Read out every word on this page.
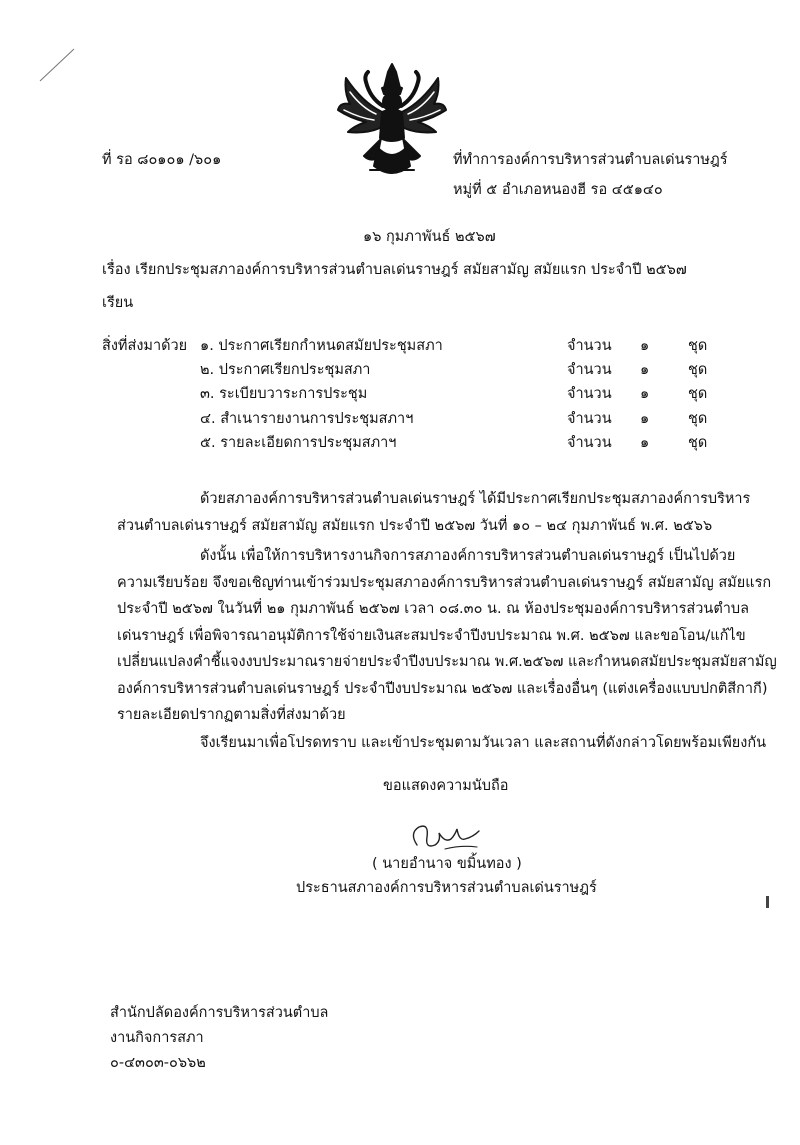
ที่ รอ ๘๐๑๐๑ /๖๐๑	ที่ทำการองค์การบริหารส่วนตำบลเด่นราษฎร์
หมู่ที่ ๕ อำเภอหนองฮี รอ ๔๕๑๔๐
๑๖ กุมภาพันธ์ ๒๕๖๗
เรื่อง เรียกประชุมสภาองค์การบริหารส่วนตำบลเด่นราษฎร์ สมัยสามัญ สมัยแรก ประจำปี ๒๕๖๗
เรียน
สิ่งที่ส่งมาด้วย ๑. ประกาศเรียกกำหนดสมัยประชุมสภา	จำนวน ๑	ชุด
๒. ประกาศเรียกประชุมสภา	จำนวน ๑	ชุด
๓. ระเบียบวาระการประชุม	จำนวน ๑	ชุด
๔. สำเนารายงานการประชุมสภาฯ	จำนวน ๑	ชุด
๕. รายละเอียดการประชุมสภาฯ	จำนวน ๑	ชุด
ด้วยสภาองค์การบริหารส่วนตำบลเด่นราษฎร์ ได้มีประกาศเรียกประชุมสภาองค์การบริหาร
ส่วนตำบลเด่นราษฎร์ สมัยสามัญ สมัยแรก ประจำปี ๒๕๖๗ วันที่ ๑๐ – ๒๔ กุมภาพันธ์ พ.ศ. ๒๕๖๖
ดังนั้น เพื่อให้การบริหารงานกิจการสภาองค์การบริหารส่วนตำบลเด่นราษฎร์ เป็นไปด้วย
ความเรียบร้อย จึงขอเชิญท่านเข้าร่วมประชุมสภาองค์การบริหารส่วนตำบลเด่นราษฎร์ สมัยสามัญ สมัยแรก
ประจำปี ๒๕๖๗ ในวันที่ ๒๑ กุมภาพันธ์ ๒๕๖๗ เวลา ๐๘.๓๐ น. ณ ห้องประชุมองค์การบริหารส่วนตำบล
เด่นราษฎร์ เพื่อพิจารณาอนุมัติการใช้จ่ายเงินสะสมประจำปีงบประมาณ พ.ศ. ๒๕๖๗ และขอโอน/แก้ไข
เปลี่ยนแปลงคำชี้แจงงบประมาณรายจ่ายประจำปีงบประมาณ พ.ศ.๒๕๖๗ และกำหนดสมัยประชุมสมัยสามัญ
องค์การบริหารส่วนตำบลเด่นราษฎร์ ประจำปีงบประมาณ ๒๕๖๗ และเรื่องอื่นๆ (แต่งเครื่องแบบปกติสีกากี)
รายละเอียดปรากฏตามสิ่งที่ส่งมาด้วย
จึงเรียนมาเพื่อโปรดทราบ และเข้าประชุมตามวันเวลา และสถานที่ดังกล่าวโดยพร้อมเพียงกัน
ขอแสดงความนับถือ
( นายอำนาจ ขมิ้นทอง )
ประธานสภาองค์การบริหารส่วนตำบลเด่นราษฎร์
สำนักปลัดองค์การบริหารส่วนตำบล
งานกิจการสภา
๐-๔๓๐๓-๐๖๖๒
